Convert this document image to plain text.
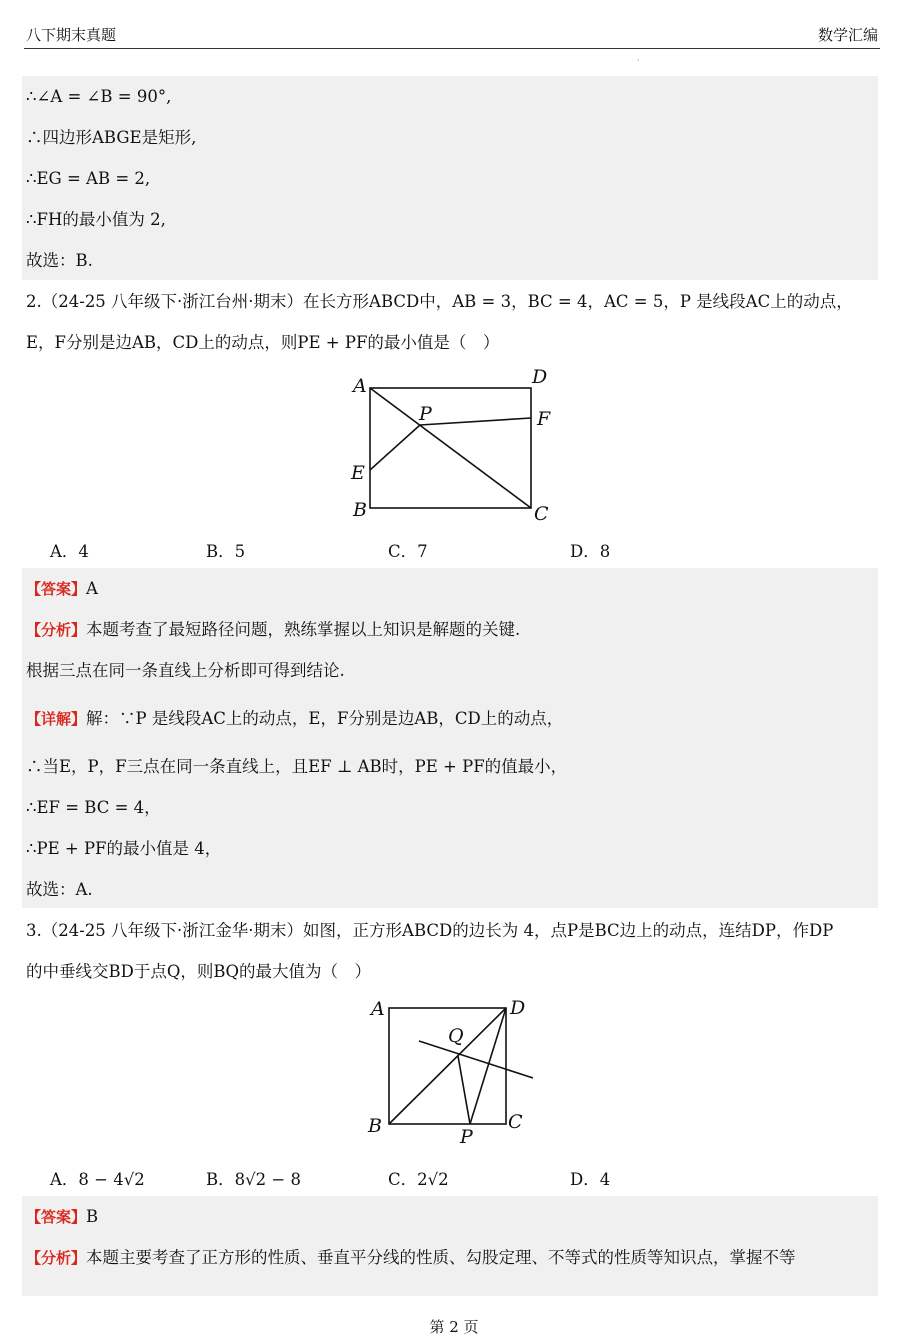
八下期末真题	数学汇编
·
∴∠A = ∠B = 90°,
∴四边形ABGE是矩形,
∴EG = AB = 2,
∴FH的最小值为 2,
故选：B.
2.（24-25 八年级下·浙江台州·期末）在长方形ABCD中，AB = 3，BC = 4，AC = 5，P 是线段AC上的动点，
E，F分别是边AB，CD上的动点，则PE + PF的最小值是（　）
A	D
P	F
E
B	C
A．4	B．5	C．7	D．8
【答案】A
【分析】本题考查了最短路径问题，熟练掌握以上知识是解题的关键.
根据三点在同一条直线上分析即可得到结论.
【详解】解：∵P 是线段AC上的动点，E，F分别是边AB，CD上的动点，
∴当E，P，F三点在同一条直线上，且EF ⊥ AB时，PE + PF的值最小，
∴EF = BC = 4，
∴PE + PF的最小值是 4，
故选：A.
3.（24-25 八年级下·浙江金华·期末）如图，正方形ABCD的边长为 4，点P是BC边上的动点，连结DP，作DP
的中垂线交BD于点Q，则BQ的最大值为（　）
A	D
Q
B	P
C
A．8 − 4√2	B．8√2 − 8	C．2√2	D．4
【答案】B
【分析】本题主要考查了正方形的性质、垂直平分线的性质、勾股定理、不等式的性质等知识点，掌握不等
第 2 页
